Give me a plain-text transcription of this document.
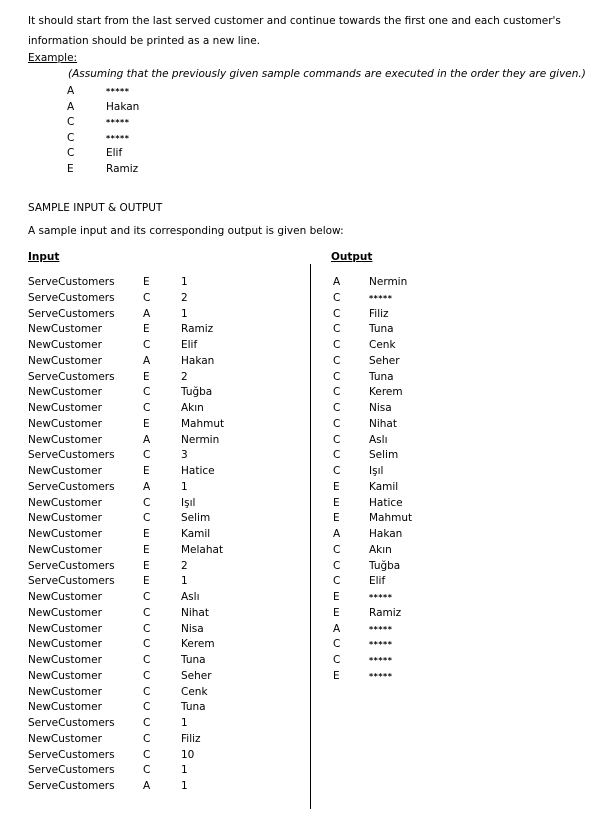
It should start from the last served customer and continue towards the first one and each customer's information should be printed as a new line.
Example:
(Assuming that the previously given sample commands are executed in the order they are given.)
A	*****
A	Hakan
C	*****
C	*****
C	Elif
E	Ramiz
SAMPLE INPUT & OUTPUT
A sample input and its corresponding output is given below:
Input	Output
ServeCustomers	E	1
ServeCustomers	C	2
ServeCustomers	A	1
NewCustomer	E	Ramiz
NewCustomer	C	Elif
NewCustomer	A	Hakan
ServeCustomers	E	2
NewCustomer	C	Tuğba
NewCustomer	C	Akın
NewCustomer	E	Mahmut
NewCustomer	A	Nermin
ServeCustomers	C	3
NewCustomer	E	Hatice
ServeCustomers	A	1
NewCustomer	C	Işıl
NewCustomer	C	Selim
NewCustomer	E	Kamil
NewCustomer	E	Melahat
ServeCustomers	E	2
ServeCustomers	E	1
NewCustomer	C	Aslı
NewCustomer	C	Nihat
NewCustomer	C	Nisa
NewCustomer	C	Kerem
NewCustomer	C	Tuna
NewCustomer	C	Seher
NewCustomer	C	Cenk
NewCustomer	C	Tuna
ServeCustomers	C	1
NewCustomer	C	Filiz
ServeCustomers	C	10
ServeCustomers	C	1
ServeCustomers	A	1
A	Nermin
C	*****
C	Filiz
C	Tuna
C	Cenk
C	Seher
C	Tuna
C	Kerem
C	Nisa
C	Nihat
C	Aslı
C	Selim
C	Işıl
E	Kamil
E	Hatice
E	Mahmut
A	Hakan
C	Akın
C	Tuğba
C	Elif
E	*****
E	Ramiz
A	*****
C	*****
C	*****
E	*****
